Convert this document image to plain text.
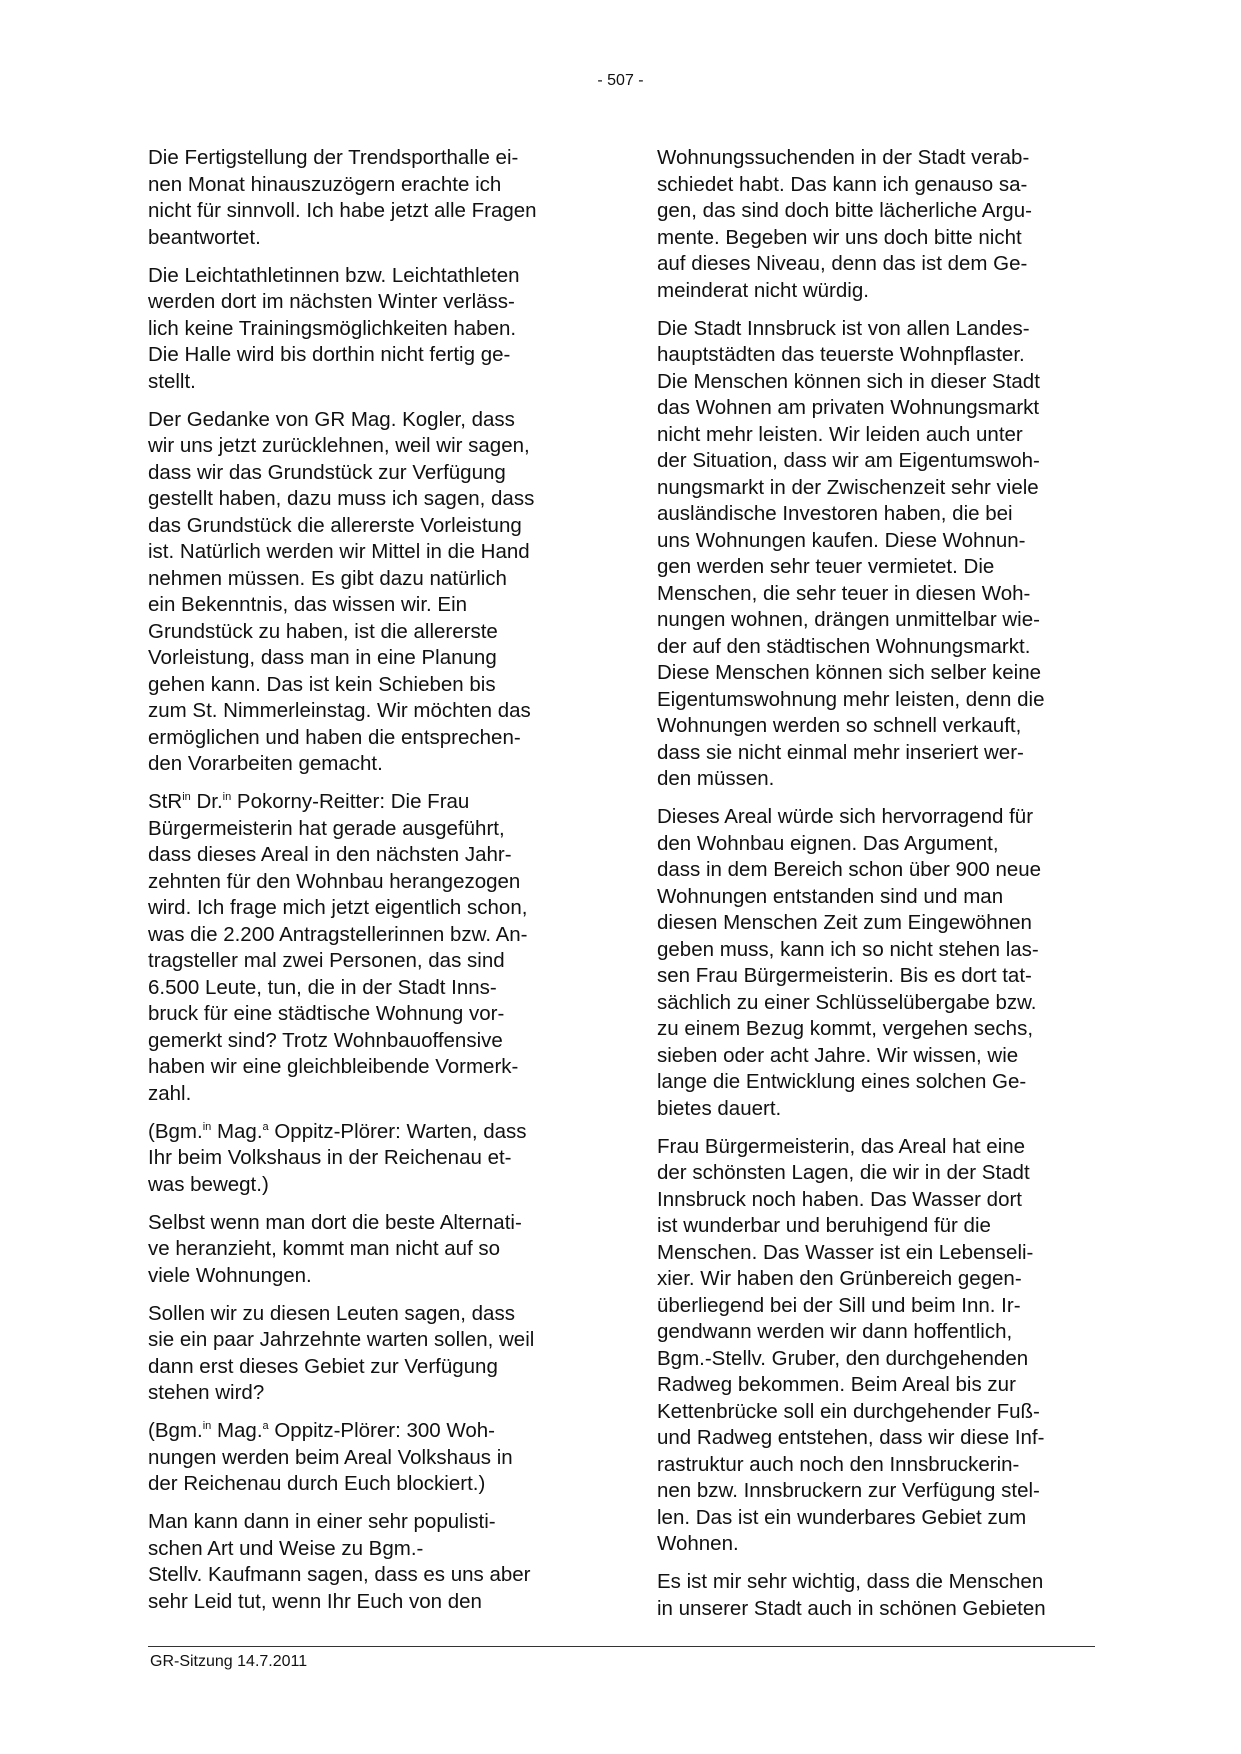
- 507 -

Die Fertigstellung der Trendsporthalle ei-
nen Monat hinauszuzögern erachte ich
nicht für sinnvoll. Ich habe jetzt alle Fragen
beantwortet.

Die Leichtathletinnen bzw. Leichtathleten
werden dort im nächsten Winter verläss-
lich keine Trainingsmöglichkeiten haben.
Die Halle wird bis dorthin nicht fertig ge-
stellt.

Der Gedanke von GR Mag. Kogler, dass
wir uns jetzt zurücklehnen, weil wir sagen,
dass wir das Grundstück zur Verfügung
gestellt haben, dazu muss ich sagen, dass
das Grundstück die allererste Vorleistung
ist. Natürlich werden wir Mittel in die Hand
nehmen müssen. Es gibt dazu natürlich
ein Bekenntnis, das wissen wir. Ein
Grundstück zu haben, ist die allererste
Vorleistung, dass man in eine Planung
gehen kann. Das ist kein Schieben bis
zum St. Nimmerleinstag. Wir möchten das
ermöglichen und haben die entsprechen-
den Vorarbeiten gemacht.

StR$^{in}$ Dr.$^{in}$ Pokorny-Reitter: Die Frau
Bürgermeisterin hat gerade ausgeführt,
dass dieses Areal in den nächsten Jahr-
zehnten für den Wohnbau herangezogen
wird. Ich frage mich jetzt eigentlich schon,
was die 2.200 Antragstellerinnen bzw. An-
tragsteller mal zwei Personen, das sind
6.500 Leute, tun, die in der Stadt Inns-
bruck für eine städtische Wohnung vor-
gemerkt sind? Trotz Wohnbauoffensive
haben wir eine gleichbleibende Vormerk-
zahl.

(Bgm.$^{in}$ Mag.$^a$ Oppitz-Plörer: Warten, dass
Ihr beim Volkshaus in der Reichenau et-
was bewegt.)

Selbst wenn man dort die beste Alternati-
ve heranzieht, kommt man nicht auf so
viele Wohnungen.

Sollen wir zu diesen Leuten sagen, dass
sie ein paar Jahrzehnte warten sollen, weil
dann erst dieses Gebiet zur Verfügung
stehen wird?

(Bgm.$^{in}$ Mag.$^a$ Oppitz-Plörer: 300 Woh-
nungen werden beim Areal Volkshaus in
der Reichenau durch Euch blockiert.)

Man kann dann in einer sehr populisti-
schen Art und Weise zu Bgm.-
Stellv. Kaufmann sagen, dass es uns aber
sehr Leid tut, wenn Ihr Euch von den

Wohnungssuchenden in der Stadt verab-
schiedet habt. Das kann ich genauso sa-
gen, das sind doch bitte lächerliche Argu-
mente. Begeben wir uns doch bitte nicht
auf dieses Niveau, denn das ist dem Ge-
meinderat nicht würdig.

Die Stadt Innsbruck ist von allen Landes-
hauptstädten das teuerste Wohnpflaster.
Die Menschen können sich in dieser Stadt
das Wohnen am privaten Wohnungsmarkt
nicht mehr leisten. Wir leiden auch unter
der Situation, dass wir am Eigentumswoh-
nungsmarkt in der Zwischenzeit sehr viele
ausländische Investoren haben, die bei
uns Wohnungen kaufen. Diese Wohnun-
gen werden sehr teuer vermietet. Die
Menschen, die sehr teuer in diesen Woh-
nungen wohnen, drängen unmittelbar wie-
der auf den städtischen Wohnungsmarkt.
Diese Menschen können sich selber keine
Eigentumswohnung mehr leisten, denn die
Wohnungen werden so schnell verkauft,
dass sie nicht einmal mehr inseriert wer-
den müssen.

Dieses Areal würde sich hervorragend für
den Wohnbau eignen. Das Argument,
dass in dem Bereich schon über 900 neue
Wohnungen entstanden sind und man
diesen Menschen Zeit zum Eingewöhnen
geben muss, kann ich so nicht stehen las-
sen Frau Bürgermeisterin. Bis es dort tat-
sächlich zu einer Schlüsselübergabe bzw.
zu einem Bezug kommt, vergehen sechs,
sieben oder acht Jahre. Wir wissen, wie
lange die Entwicklung eines solchen Ge-
bietes dauert.

Frau Bürgermeisterin, das Areal hat eine
der schönsten Lagen, die wir in der Stadt
Innsbruck noch haben. Das Wasser dort
ist wunderbar und beruhigend für die
Menschen. Das Wasser ist ein Lebenseli-
xier. Wir haben den Grünbereich gegen-
überliegend bei der Sill und beim Inn. Ir-
gendwann werden wir dann hoffentlich,
Bgm.-Stellv. Gruber, den durchgehenden
Radweg bekommen. Beim Areal bis zur
Kettenbrücke soll ein durchgehender Fuß-
und Radweg entstehen, dass wir diese Inf-
rastruktur auch noch den Innsbruckerin-
nen bzw. Innsbruckern zur Verfügung stel-
len. Das ist ein wunderbares Gebiet zum
Wohnen.

Es ist mir sehr wichtig, dass die Menschen
in unserer Stadt auch in schönen Gebieten

GR-Sitzung 14.7.2011
